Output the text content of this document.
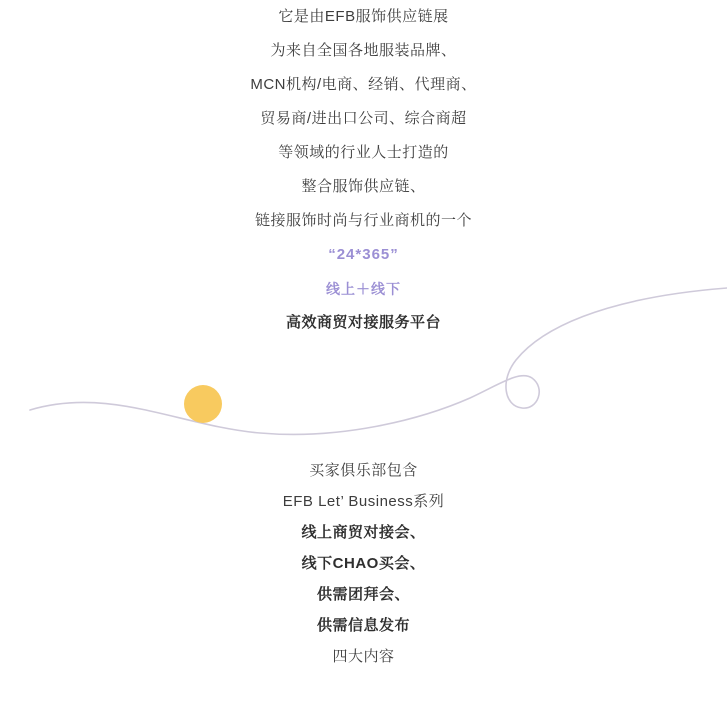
它是由EFB服饰供应链展
为来自全国各地服装品牌、
MCN机构/电商、经销、代理商、
贸易商/进出口公司、综合商超
等领域的行业人士打造的
整合服饰供应链、
链接服饰时尚与行业商机的一个
“24*365”
线上＋线下
高效商贸对接服务平台
买家俱乐部包含
EFB Let’ Business系列
线上商贸对接会、
线下CHAO买会、
供需团拜会、
供需信息发布
四大内容
